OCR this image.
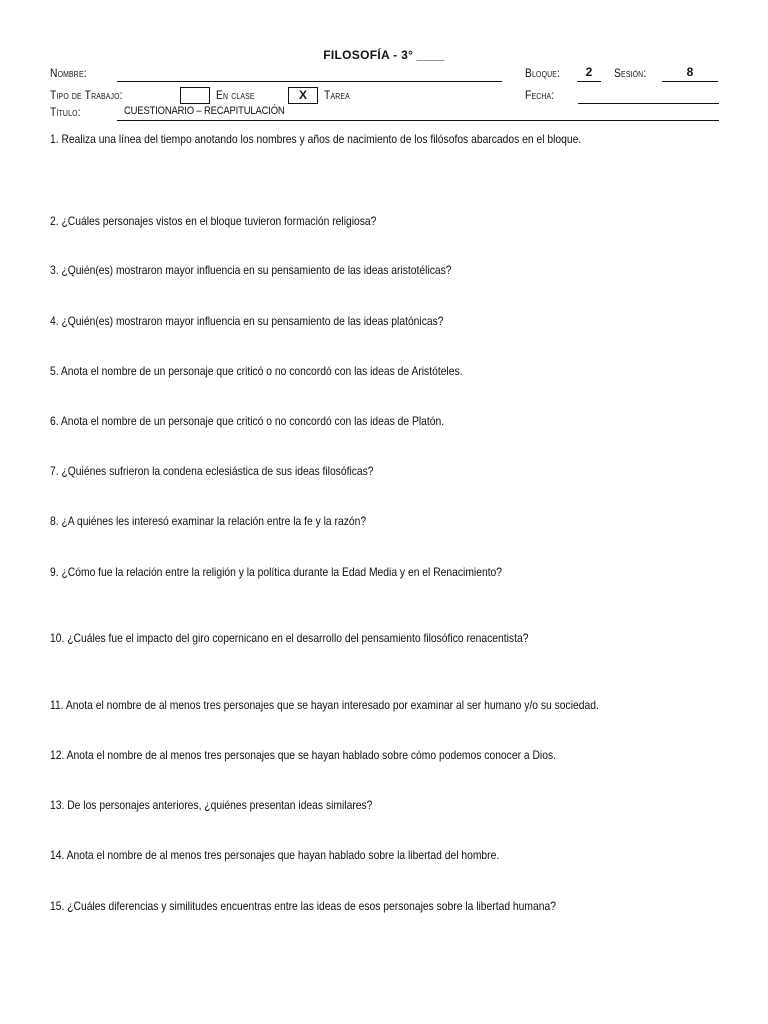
FILOSOFÍA - 3° ____
Nombre:	Bloque:	2	Sesión:	8
Tipo de Trabajo:	En clase	X	Tarea	Fecha:
Título:	CUESTIONARIO – RECAPITULACIÓN
1. Realiza una línea del tiempo anotando los nombres y años de nacimiento de los filósofos abarcados en el bloque.
2. ¿Cuáles personajes vistos en el bloque tuvieron formación religiosa?
3. ¿Quién(es) mostraron mayor influencia en su pensamiento de las ideas aristotélicas?
4. ¿Quién(es) mostraron mayor influencia en su pensamiento de las ideas platónicas?
5. Anota el nombre de un personaje que criticó o no concordó con las ideas de Aristóteles.
6. Anota el nombre de un personaje que criticó o no concordó con las ideas de Platón.
7. ¿Quiénes sufrieron la condena eclesiástica de sus ideas filosóficas?
8. ¿A quiénes les interesó examinar la relación entre la fe y la razón?
9. ¿Cómo fue la relación entre la religión y la política durante la Edad Media y en el Renacimiento?
10. ¿Cuáles fue el impacto del giro copernicano en el desarrollo del pensamiento filosófico renacentista?
11. Anota el nombre de al menos tres personajes que se hayan interesado por examinar al ser humano y/o su sociedad.
12. Anota el nombre de al menos tres personajes que se hayan hablado sobre cómo podemos conocer a Dios.
13. De los personajes anteriores, ¿quiénes presentan ideas similares?
14. Anota el nombre de al menos tres personajes que hayan hablado sobre la libertad del hombre.
15. ¿Cuáles diferencias y similitudes encuentras entre las ideas de esos personajes sobre la libertad humana?
